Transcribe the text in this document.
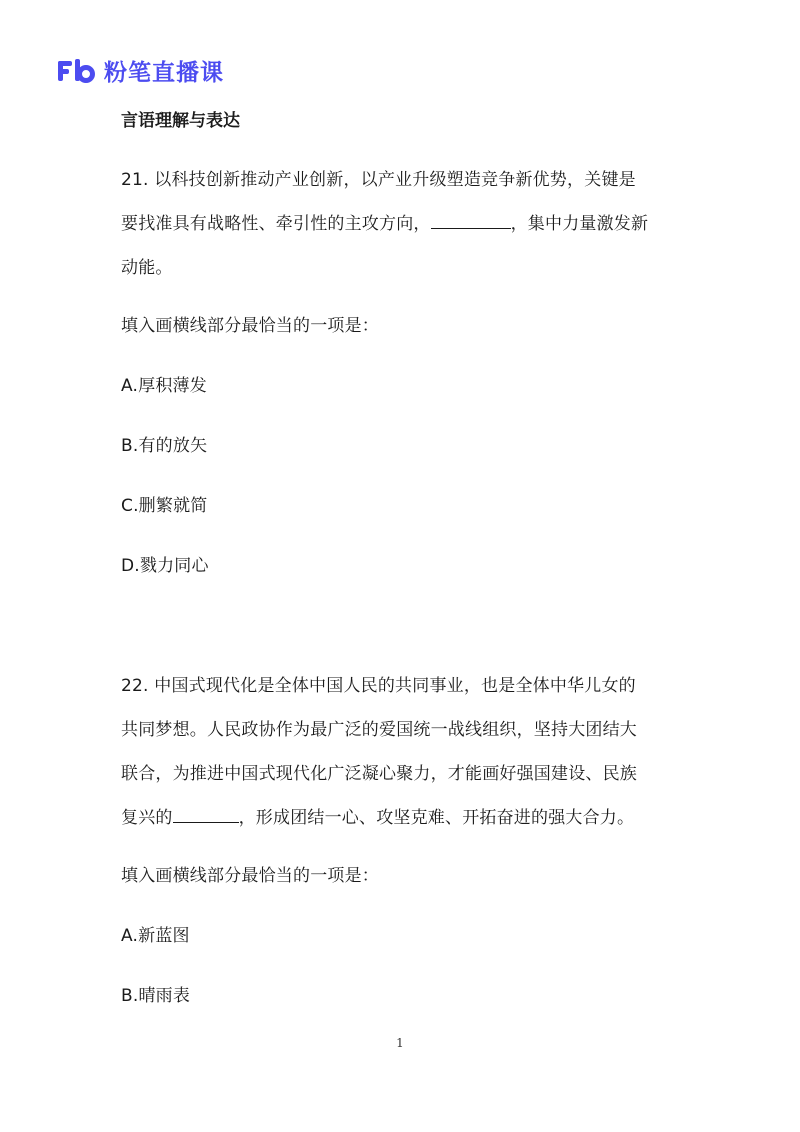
粉笔直播课
言语理解与表达

21. 以科技创新推动产业创新，以产业升级塑造竞争新优势，关键是

要找准具有战略性、牵引性的主攻方向，	，集中力量激发新

动能。

填入画横线部分最恰当的一项是：

A.厚积薄发

B.有的放矢

C.删繁就简

D.戮力同心

22. 中国式现代化是全体中国人民的共同事业，也是全体中华儿女的

共同梦想。人民政协作为最广泛的爱国统一战线组织，坚持大团结大

联合，为推进中国式现代化广泛凝心聚力，才能画好强国建设、民族

复兴的	，形成团结一心、攻坚克难、开拓奋进的强大合力。

填入画横线部分最恰当的一项是：

A.新蓝图

B.晴雨表

1
